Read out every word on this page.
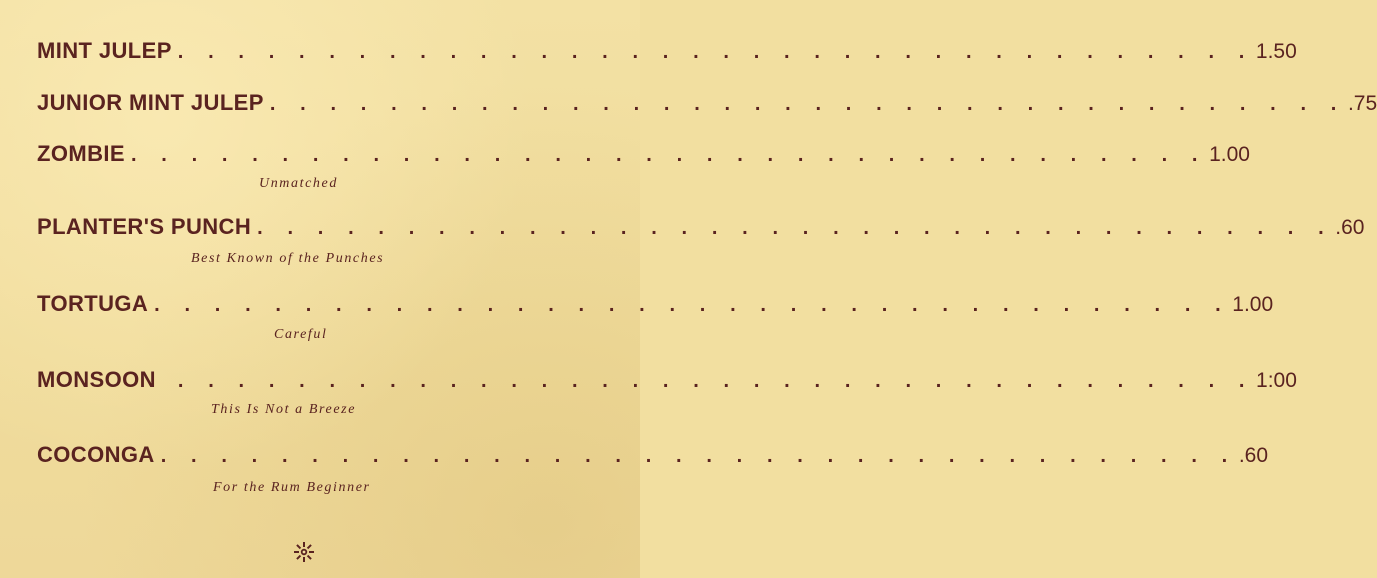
MINT JULEP . . . . . . . . . . . . . . . . . . . . . . . . . . . . . . . . . . . . 1.50
JUNIOR MINT JULEP . . . . . . . . . . . . . . . . . . . . . . . . . . . . . . . . . . . . .75
ZOMBIE . . . . . . . . . . . . . . . . . . . . . . . . . . . . . . . . . . . . 1.00
Unmatched
PLANTER'S PUNCH . . . . . . . . . . . . . . . . . . . . . . . . . . . . . . . . . . . . .60
Best Known of the Punches
TORTUGA . . . . . . . . . . . . . . . . . . . . . . . . . . . . . . . . . . . . 1.00
Careful
MONSOON	. . . . . . . . . . . . . . . . . . . . . . . . . . . . . . . . . . . . 1:00
This Is Not a Breeze
COCONGA . . . . . . . . . . . . . . . . . . . . . . . . . . . . . . . . . . . . .60
For the Rum Beginner
